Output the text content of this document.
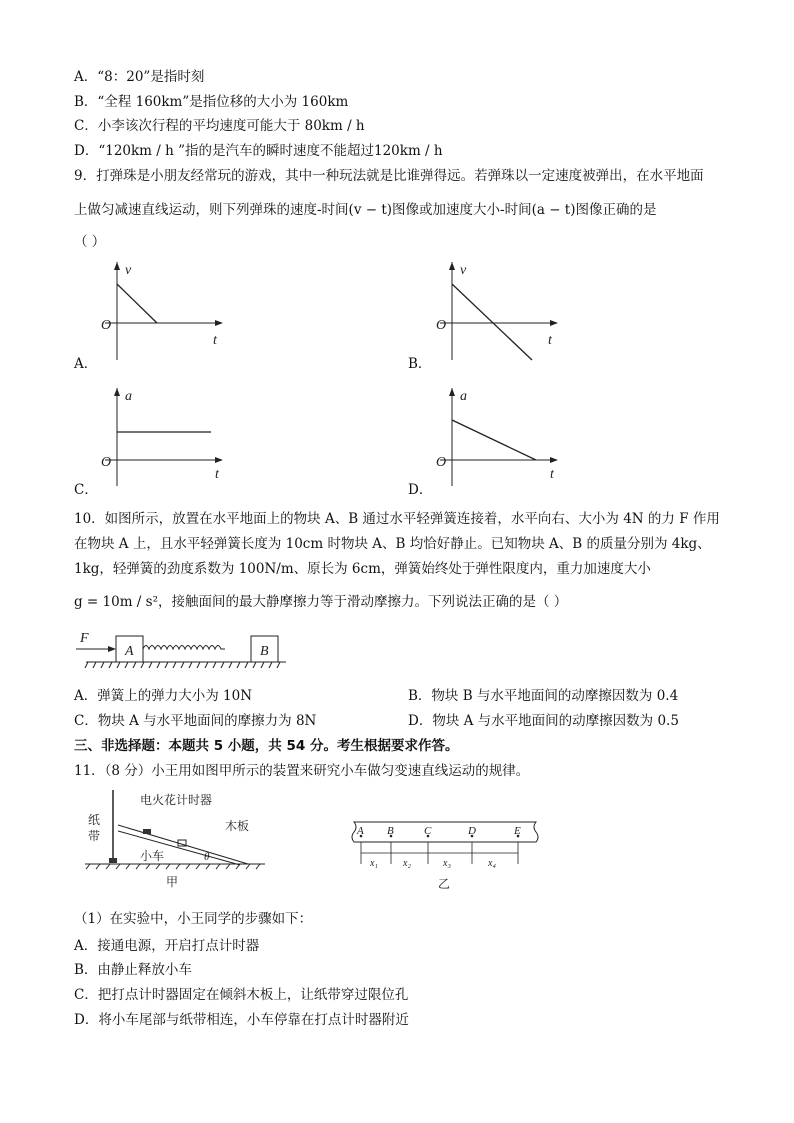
A．“8：20”是指时刻
B．“全程 160km”是指位移的大小为 160km
C．小李该次行程的平均速度可能大于 80km / h
D．“120km / h ”指的是汽车的瞬时速度不能超过120km / h
9．打弹珠是小朋友经常玩的游戏，其中一种玩法就是比谁弹得远。若弹珠以一定速度被弹出，在水平地面
上做匀减速直线运动，则下列弹珠的速度-时间(v − t)图像或加速度大小-时间(a − t)图像正确的是
（ ）
A．
v
O
t
B．
v
O
t
C．
a
O
t
D．
a
O
t
10．如图所示，放置在水平地面上的物块 A、B 通过水平轻弹簧连接着，水平向右、大小为 4N 的力 F 作用
在物块 A 上，且水平轻弹簧长度为 10cm 时物块 A、B 均恰好静止。已知物块 A、B 的质量分别为 4kg、
1kg，轻弹簧的劲度系数为 100N/m、原长为 6cm，弹簧始终处于弹性限度内，重力加速度大小
g = 10m / s²，接触面间的最大静摩擦力等于滑动摩擦力。下列说法正确的是（ ）
F
A	B
A．弹簧上的弹力大小为 10N	B．物块 B 与水平地面间的动摩擦因数为 0.4
C．物块 A 与水平地面间的摩擦力为 8N	D．物块 A 与水平地面间的动摩擦因数为 0.5
三、非选择题：本题共 5 小题，共 54 分。考生根据要求作答。
11．（8 分）小王用如图甲所示的装置来研究小车做匀变速直线运动的规律。
电火花计时器
纸
带
木板
小车	θ
甲
A B	C	D	E
x₁	x₂	x₃	x₄
乙
（1）在实验中，小王同学的步骤如下：
A．接通电源，开启打点计时器
B．由静止释放小车
C．把打点计时器固定在倾斜木板上，让纸带穿过限位孔
D．将小车尾部与纸带相连，小车停靠在打点计时器附近
